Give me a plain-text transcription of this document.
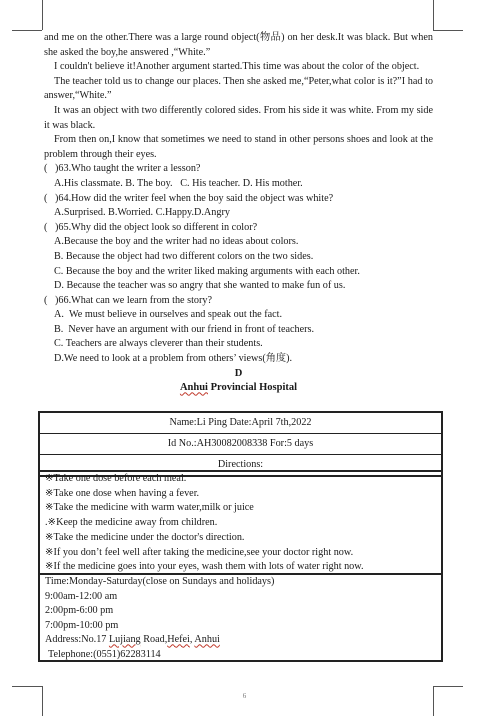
and me on the other.There was a large round object(物品) on her desk.It was black. But when she asked the boy,he answered ,“White.”

I couldn't believe it!Another argument started.This time was about the color of the object.

The teacher told us to change our places. Then she asked me,“Peter,what color is it?”I had to answer,“White.”

It was an object with two differently colored sides. From his side it was white. From my side it was black.

From then on,I know that sometimes we need to stand in other persons shoes and look at the problem through their eyes.

(   )63.Who taught the writer a lesson?

A.His classmate. B. The boy.   C. His teacher. D. His mother.

(   )64.How did the writer feel when the boy said the object was white?

A.Surprised. B.Worried. C.Happy.D.Angry

(   )65.Why did the object look so different in color?

A.Because the boy and the writer had no ideas about colors.

B. Because the object had two different colors on the two sides.

C. Because the boy and the writer liked making arguments with each other.

D. Because the teacher was so angry that she wanted to make fun of us.

(   )66.What can we learn from the story?

A.  We must believe in ourselves and speak out the fact.

B.  Never have an argument with our friend in front of teachers.

C. Teachers are always cleverer than their students.

D.We need to look at a problem from others’ views(角度).

D

Anhui Provincial Hospital

Name:Li Ping Date:April 7th,2022
Id No.:AH30082008338 For:5 days
Directions:
※Take one dose before each meal.
※Take one dose when having a fever.
※Take the medicine with warm water,milk or juice
.※Keep the medicine away from children.
※Take the medicine under the doctor's direction.
※If you don’t feel well after taking the medicine,see your doctor right now.
※If the medicine goes into your eyes, wash them with lots of water right now.
Time:Monday-Saturday(close on Sundays and holidays)
9:00am-12:00 am
2:00pm-6:00 pm
7:00pm-10:00 pm
Address:No.17 Lujiang Road,Hefei, Anhui
Telephone:(0551)62283114
6
